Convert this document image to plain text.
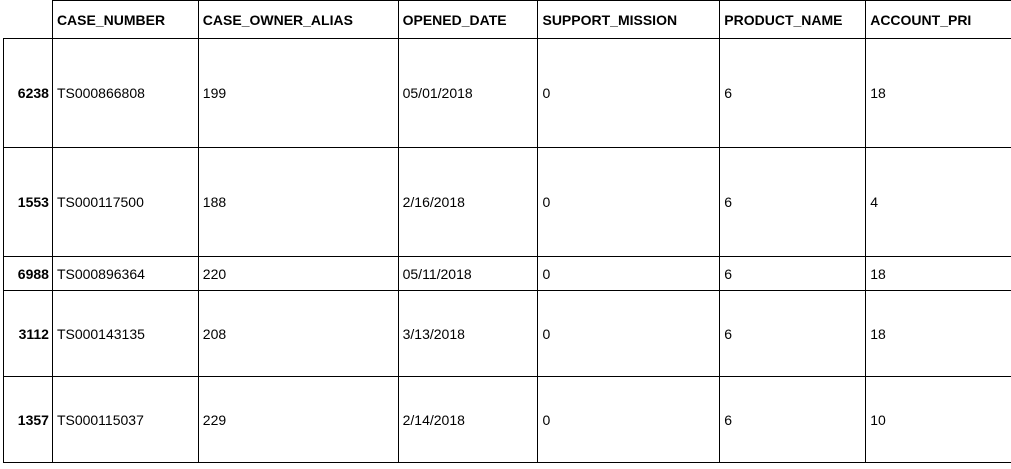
	CASE_NUMBER	CASE_OWNER_ALIAS	OPENED_DATE	SUPPORT_MISSION	PRODUCT_NAME	ACCOUNT_PRI
6238	TS000866808	199	05/01/2018	0	6	18
1553	TS000117500	188	2/16/2018	0	6	4
6988	TS000896364	220	05/11/2018	0	6	18
3112	TS000143135	208	3/13/2018	0	6	18
1357	TS000115037	229	2/14/2018	0	6	10
